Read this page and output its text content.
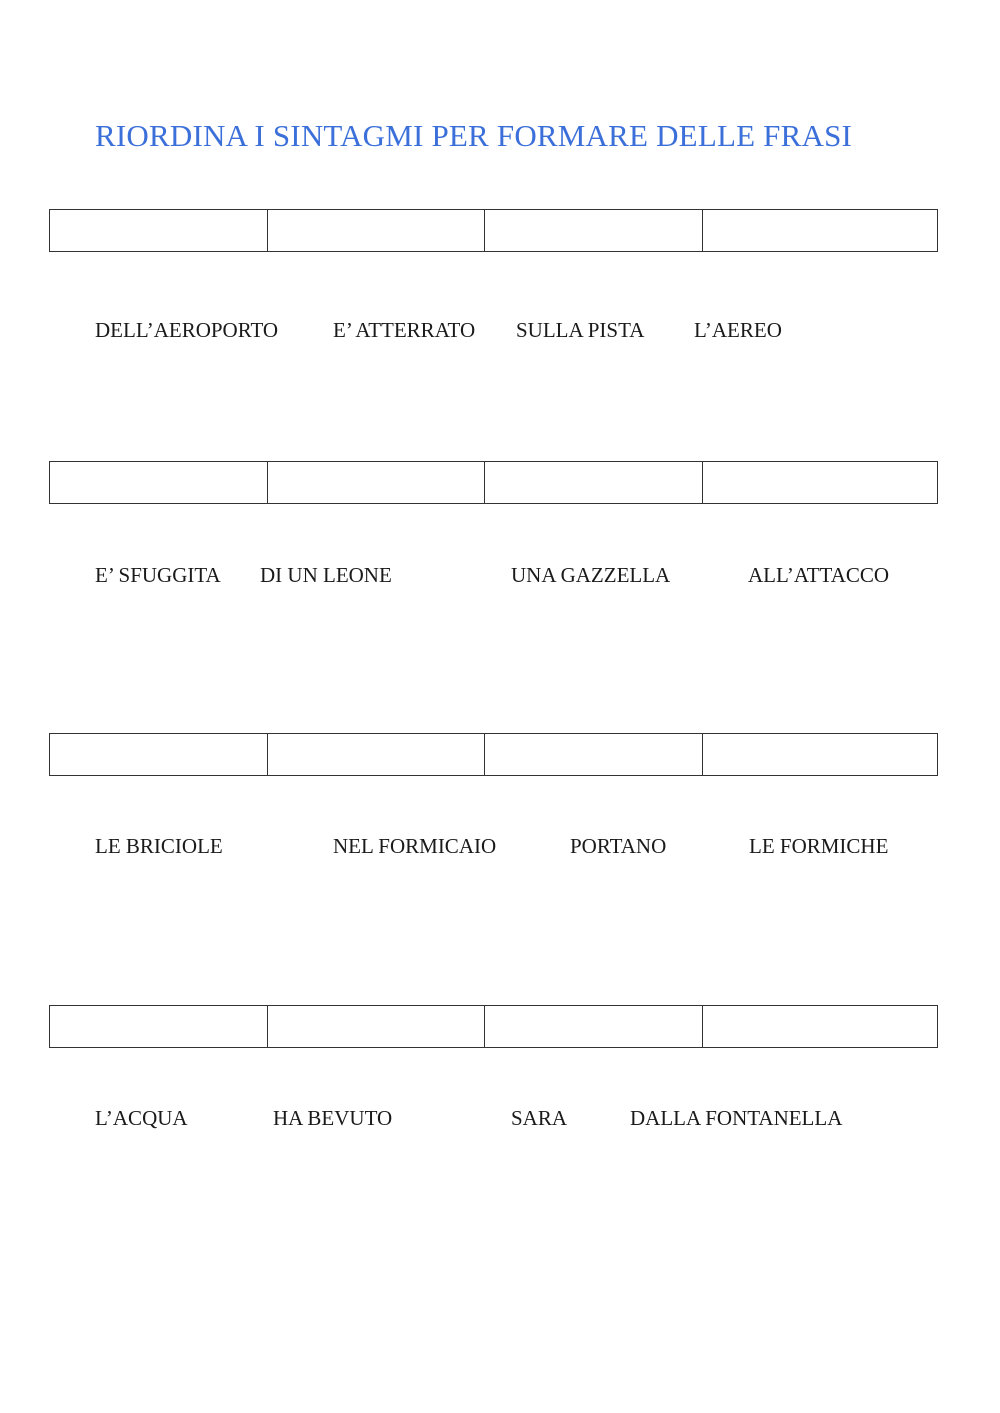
RIORDINA I SINTAGMI PER FORMARE DELLE FRASI
DELL’AEROPORTO	E’ ATTERRATO SULLA PISTA L’AEREO
E’ SFUGGITA DI UN LEONE	UNA GAZZELLA	ALL’ATTACCO
LE BRICIOLE	NEL FORMICAIO	PORTANO	LE FORMICHE
L’ACQUA	HA BEVUTO	SARA	DALLA FONTANELLA
